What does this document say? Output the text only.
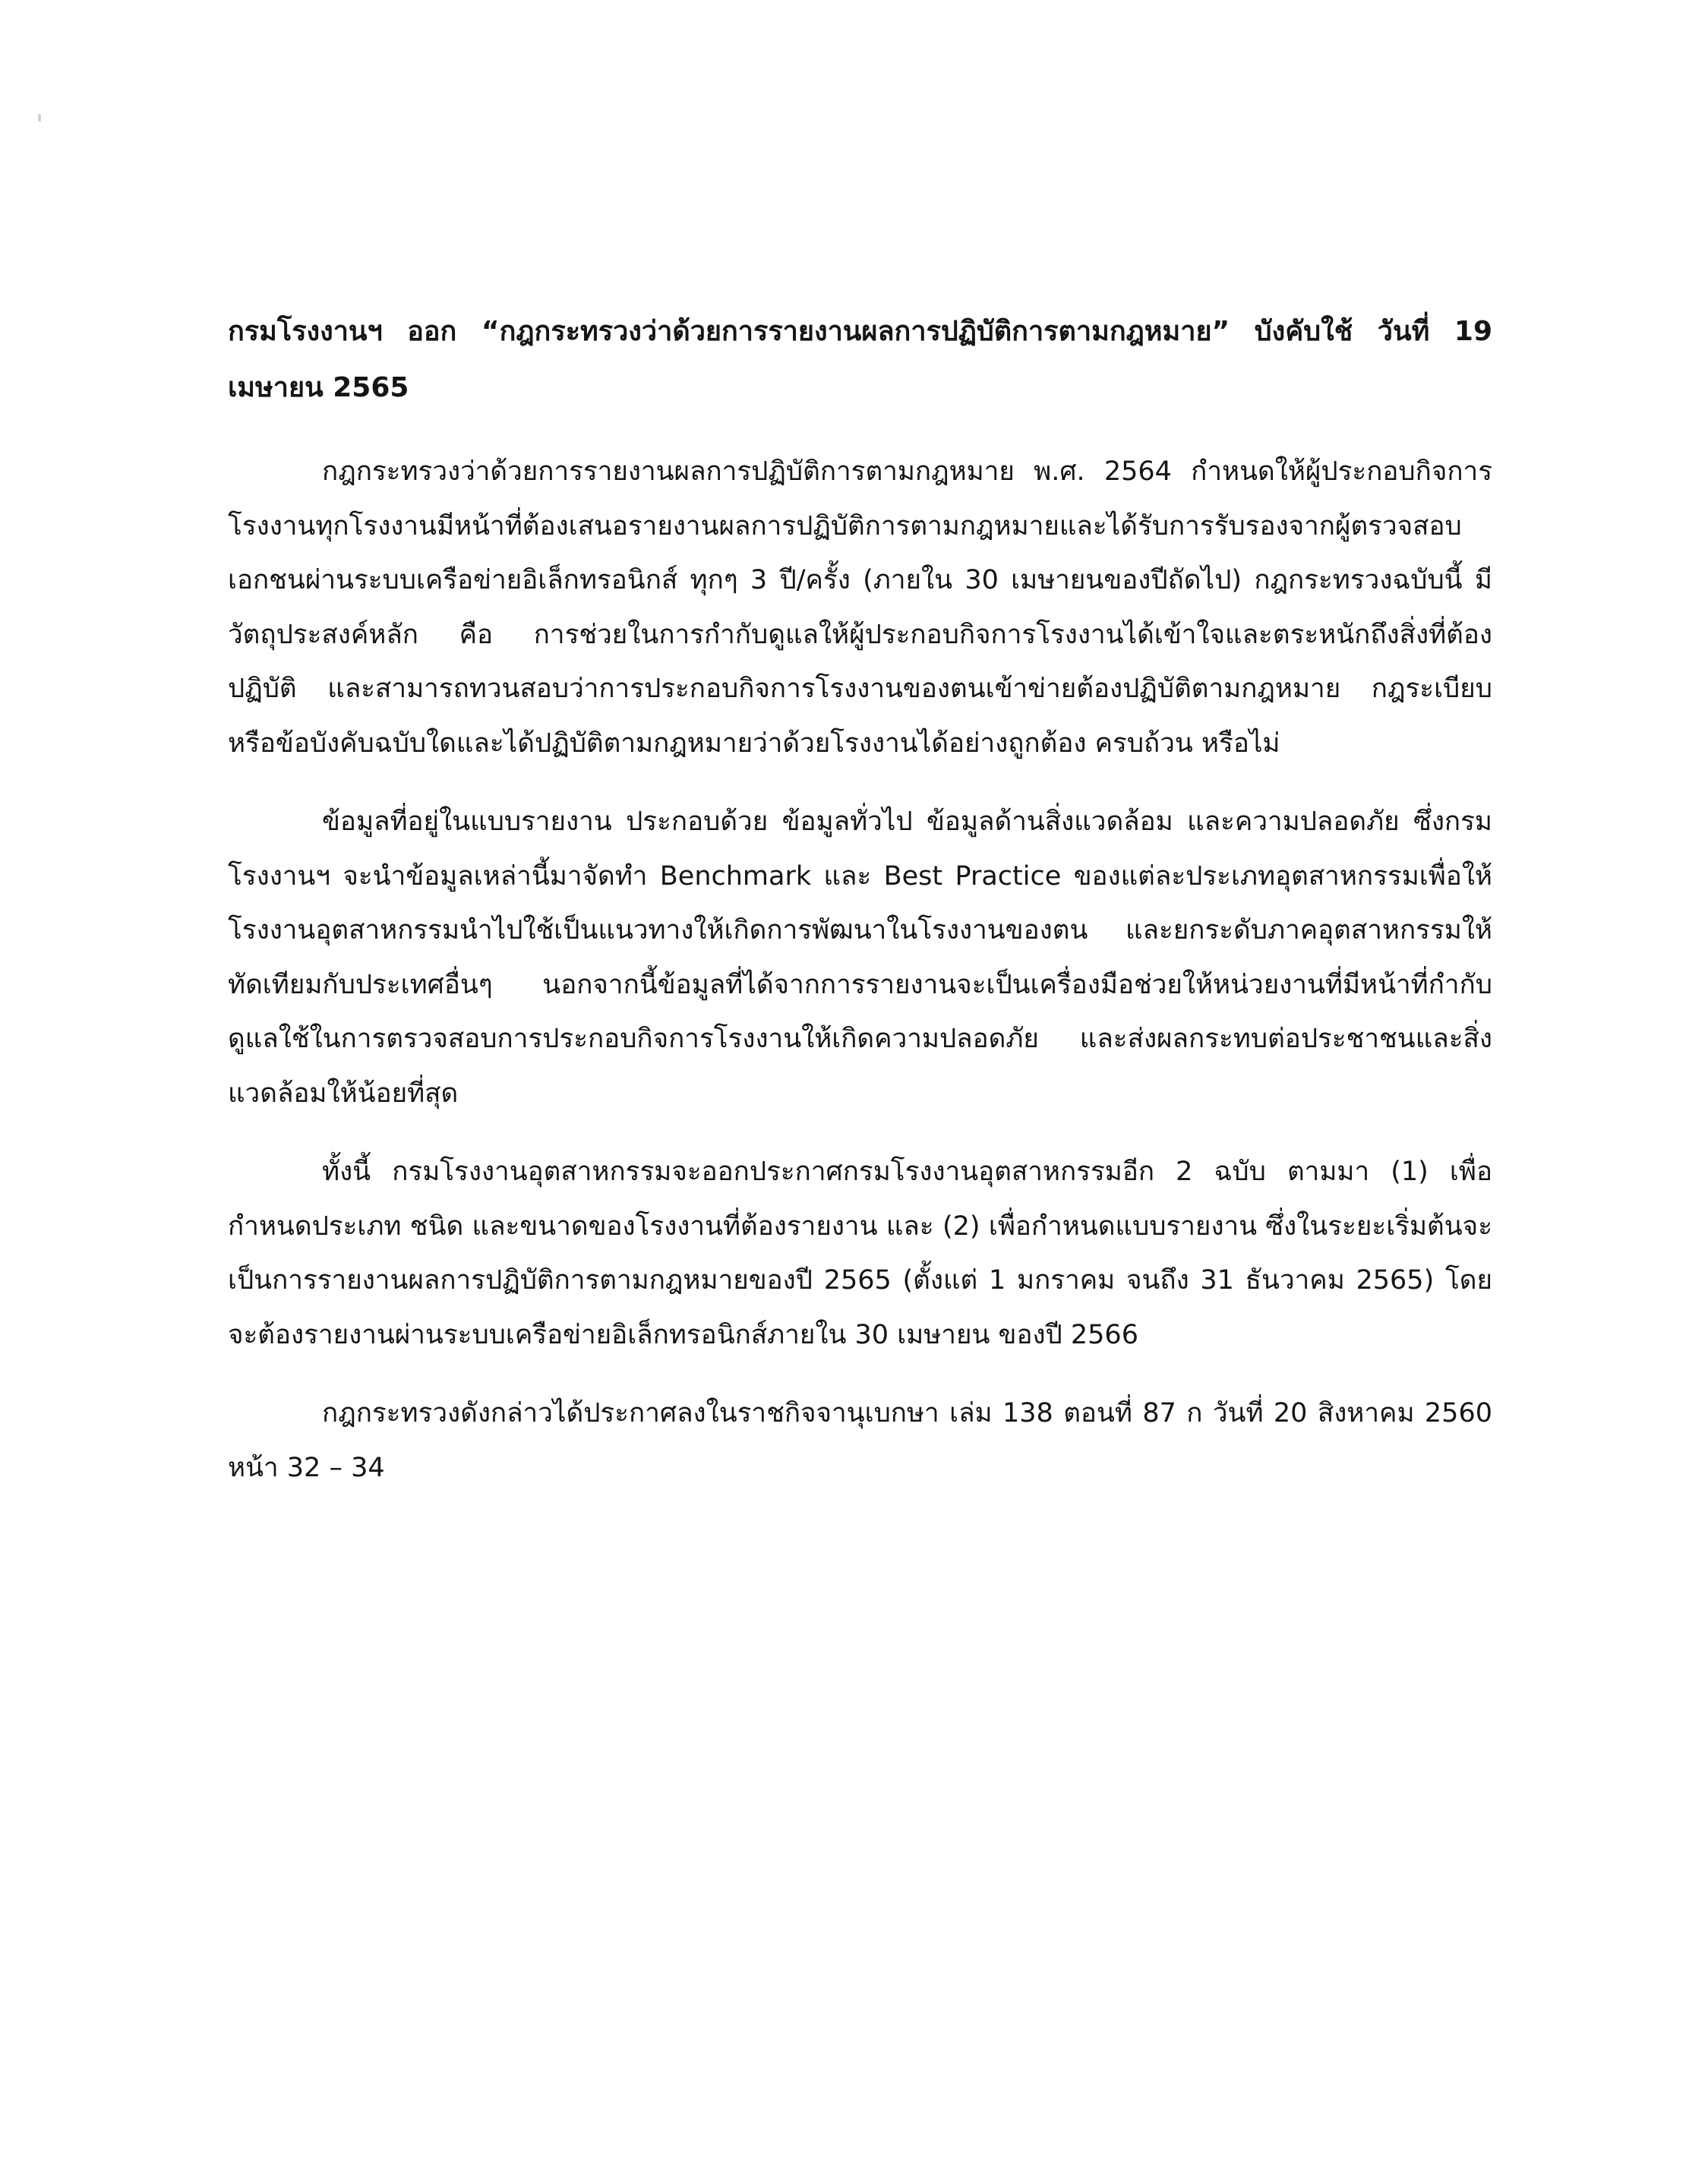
กรมโรงงานฯ ออก “กฎกระทรวงว่าด้วยการรายงานผลการปฏิบัติการตามกฎหมาย” บังคับใช้ วันที่ 19 เมษายน 2565

กฎกระทรวงว่าด้วยการรายงานผลการปฏิบัติการตามกฎหมาย พ.ศ. 2564 กำหนดให้ผู้ประกอบกิจการโรงงานทุกโรงงานมีหน้าที่ต้องเสนอรายงานผลการปฏิบัติการตามกฎหมายและได้รับการรับรองจากผู้ตรวจสอบเอกชนผ่านระบบเครือข่ายอิเล็กทรอนิกส์ ทุกๆ 3 ปี/ครั้ง (ภายใน 30 เมษายนของปีถัดไป) กฎกระทรวงฉบับนี้ มีวัตถุประสงค์หลัก คือ การช่วยในการกำกับดูแลให้ผู้ประกอบกิจการโรงงานได้เข้าใจและตระหนักถึงสิ่งที่ต้องปฏิบัติ และสามารถทวนสอบว่าการประกอบกิจการโรงงานของตนเข้าข่ายต้องปฏิบัติตามกฎหมาย กฎระเบียบ หรือข้อบังคับฉบับใดและได้ปฏิบัติตามกฎหมายว่าด้วยโรงงานได้อย่างถูกต้อง ครบถ้วน หรือไม่

ข้อมูลที่อยู่ในแบบรายงาน ประกอบด้วย ข้อมูลทั่วไป ข้อมูลด้านสิ่งแวดล้อม และความปลอดภัย ซึ่งกรมโรงงานฯ จะนำข้อมูลเหล่านี้มาจัดทำ Benchmark และ Best Practice ของแต่ละประเภทอุตสาหกรรมเพื่อให้โรงงานอุตสาหกรรมนำไปใช้เป็นแนวทางให้เกิดการพัฒนาในโรงงานของตน และยกระดับภาคอุตสาหกรรมให้ทัดเทียมกับประเทศอื่นๆ นอกจากนี้ข้อมูลที่ได้จากการรายงานจะเป็นเครื่องมือช่วยให้หน่วยงานที่มีหน้าที่กำกับดูแลใช้ในการตรวจสอบการประกอบกิจการโรงงานให้เกิดความปลอดภัย และส่งผลกระทบต่อประชาชนและสิ่งแวดล้อมให้น้อยที่สุด

ทั้งนี้ กรมโรงงานอุตสาหกรรมจะออกประกาศกรมโรงงานอุตสาหกรรมอีก 2 ฉบับ ตามมา (1) เพื่อกำหนดประเภท ชนิด และขนาดของโรงงานที่ต้องรายงาน และ (2) เพื่อกำหนดแบบรายงาน ซึ่งในระยะเริ่มต้นจะเป็นการรายงานผลการปฏิบัติการตามกฎหมายของปี 2565 (ตั้งแต่ 1 มกราคม จนถึง 31 ธันวาคม 2565) โดยจะต้องรายงานผ่านระบบเครือข่ายอิเล็กทรอนิกส์ภายใน 30 เมษายน ของปี 2566

กฎกระทรวงดังกล่าวได้ประกาศลงในราชกิจจานุเบกษา เล่ม 138 ตอนที่ 87 ก วันที่ 20 สิงหาคม 2560 หน้า 32 – 34
